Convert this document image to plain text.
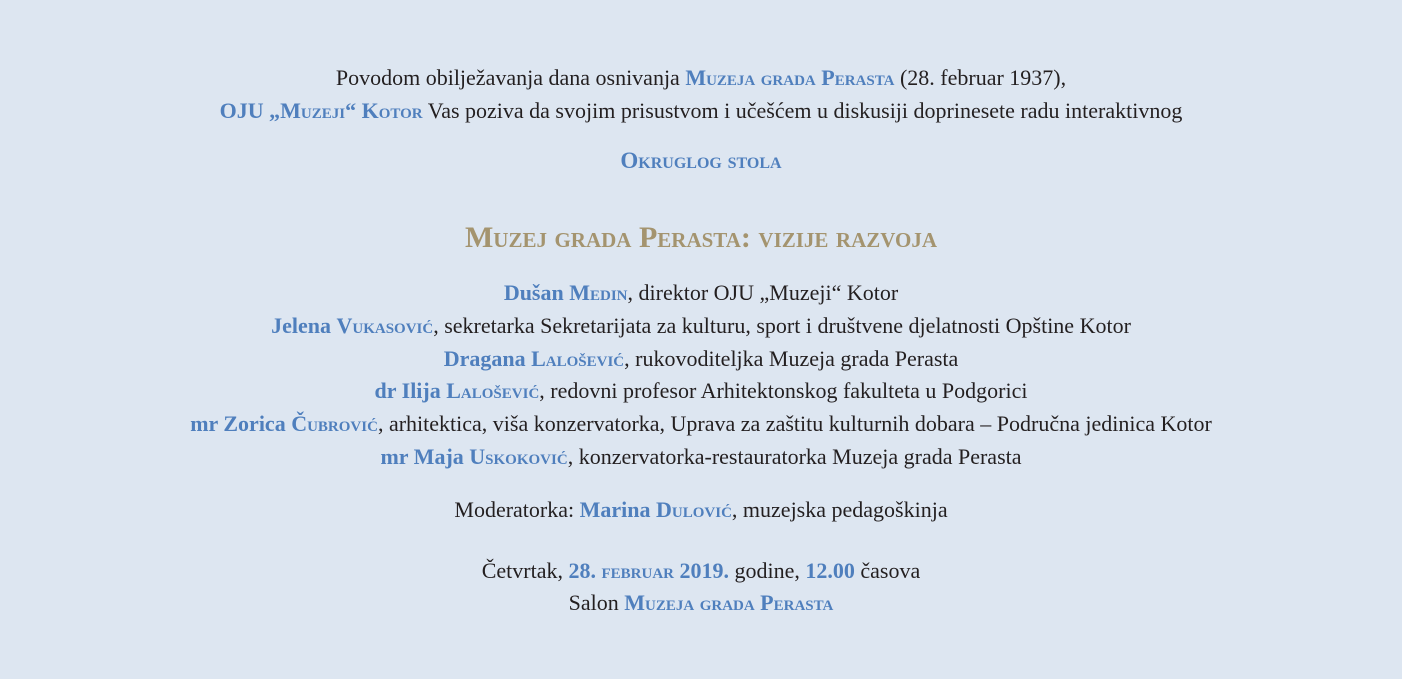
Povodom obilježavanja dana osnivanja Muzeja grada Perasta (28. februar 1937),
OJU „Muzeji“ Kotor Vas poziva da svojim prisustvom i učešćem u diskusiji doprinesete radu interaktivnog
Okruglog stola
Muzej grada Perasta: vizije razvoja
Dušan Medin, direktor OJU „Muzeji“ Kotor
Jelena Vukasović, sekretarka Sekretarijata za kulturu, sport i društvene djelatnosti Opštine Kotor
Dragana Lalošević, rukovoditeljka Muzeja grada Perasta
dr Ilija Lalošević, redovni profesor Arhitektonskog fakulteta u Podgorici
mr Zorica Čubrović, arhitektica, viša konzervatorka, Uprava za zaštitu kulturnih dobara – Područna jedinica Kotor
mr Maja Uskoković, konzervatorka-restauratorka Muzeja grada Perasta
Moderatorka: Marina Dulović, muzejska pedagoškinja
Četvrtak, 28. februar 2019. godine, 12.00 časova
Salon Muzeja grada Perasta
